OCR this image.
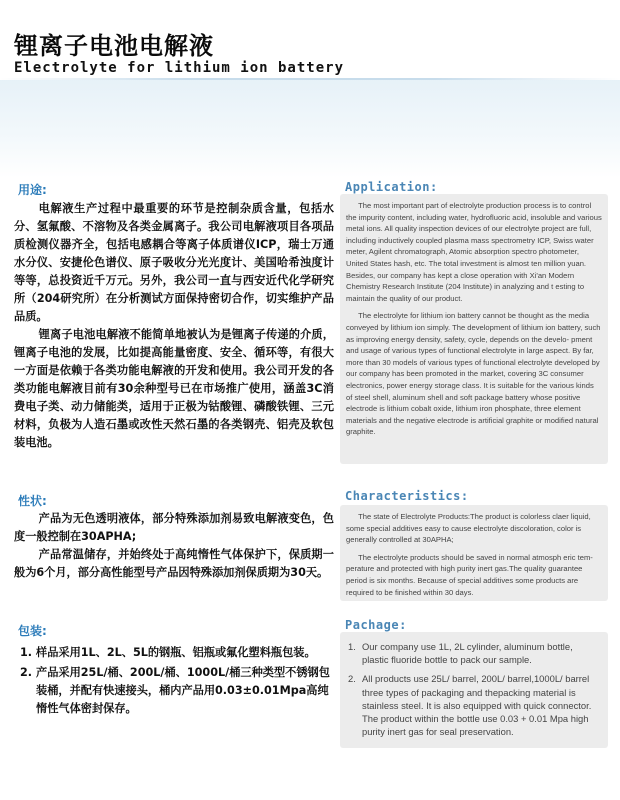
锂离子电池电解液
Electrolyte for lithium ion battery
用途:	Application:

电解液生产过程中最重要的环节是控制杂质含量，包括水分、氢氟酸、不溶物及各类金属离子。我公司电解液项目各项品质检测仪器齐全，包括电感耦合等离子体质谱仪ICP，瑞士万通水分仪、安捷伦色谱仪、原子吸收分光光度计、美国哈希浊度计等等，总投资近千万元。另外，我公司一直与西安近代化学研究所（204研究所）在分析测试方面保持密切合作，切实维护产品品质。

锂离子电池电解液不能简单地被认为是锂离子传递的介质，锂离子电池的发展，比如提高能量密度、安全、循环等，有很大一方面是依赖于各类功能电解液的开发和使用。我公司开发的各类功能电解液目前有30余种型号已在市场推广使用，涵盖3C消费电子类、动力储能类，适用于正极为钴酸锂、磷酸铁锂、三元材料，负极为人造石墨或改性天然石墨的各类钢壳、铝壳及软包装电池。

The most important part of electrolyte production process is to control the impurity content, including water, hydrofluoric acid, insoluble and various metal ions. All quality inspection devices of our electrolyte project are full, including inductively coupled plasma mass spectrometry ICP, Swiss water meter, Agilent chromatograph, Atomic absorption spectro photometer, United States hash, etc. The total investment is almost ten million yuan. Besides, our company has kept a close operation with Xi'an Modern Chemistry Research Institute (204 Institute) in analyzing and t esting to maintain the quality of our product.

The electrolyte for lithium ion battery cannot be thought as the media conveyed by lithium ion simply. The development of lithium ion battery, such as improving energy density, safety, cycle, depends on the develo- pment and usage of various types of functional electrolyte in large aspect. By far, more than 30 models of various types of functional electrolyte developed by our company has been promoted in the market, covering 3C consumer electronics, power energy storage class. It is suitable for the various kinds of steel shell, aluminum shell and soft package battery whose positive electrode is lithium cobalt oxide, lithium iron phosphate, three element materials and the negative electrode is artificial graphite or modified natural graphite.

性状:	Characteristics:

产品为无色透明液体，部分特殊添加剂易致电解液变色，色度一般控制在30APHA;

产品常温储存，并始终处于高纯惰性气体保护下，保质期一般为6个月，部分高性能型号产品因特殊添加剂保质期为30天。

The state of Electrolyte Products:The product is colorless claer liquid, some special additives easy to cause electrolyte discoloration, color is generally controlled at 30APHA;

The electrolyte products should be saved in normal atmosph eric tem- perature and protected with high purity inert gas.The quality guarantee period is six months. Because of special additives some products are required to be finished within 30 days.

包装:	Pachage:
1. 样品采用1L、2L、5L的钢瓶、铝瓶或氟化塑料瓶包装。
2. 产品采用25L/桶、200L/桶、1000L/桶三种类型不锈钢包装桶，并配有快速接头，桶内产品用0.03±0.01Mpa高纯惰性气体密封保存。
1. Our company use 1L, 2L cylinder, aluminum bottle, plastic fluoride bottle to pack our sample.
2. All products use 25L/ barrel, 200L/ barrel,1000L/ barrel three types of packaging and thepacking material is stainless steel. It is also equipped with quick connector. The product within the bottle use 0.03 + 0.01 Mpa high purity inert gas for seal preservation.
